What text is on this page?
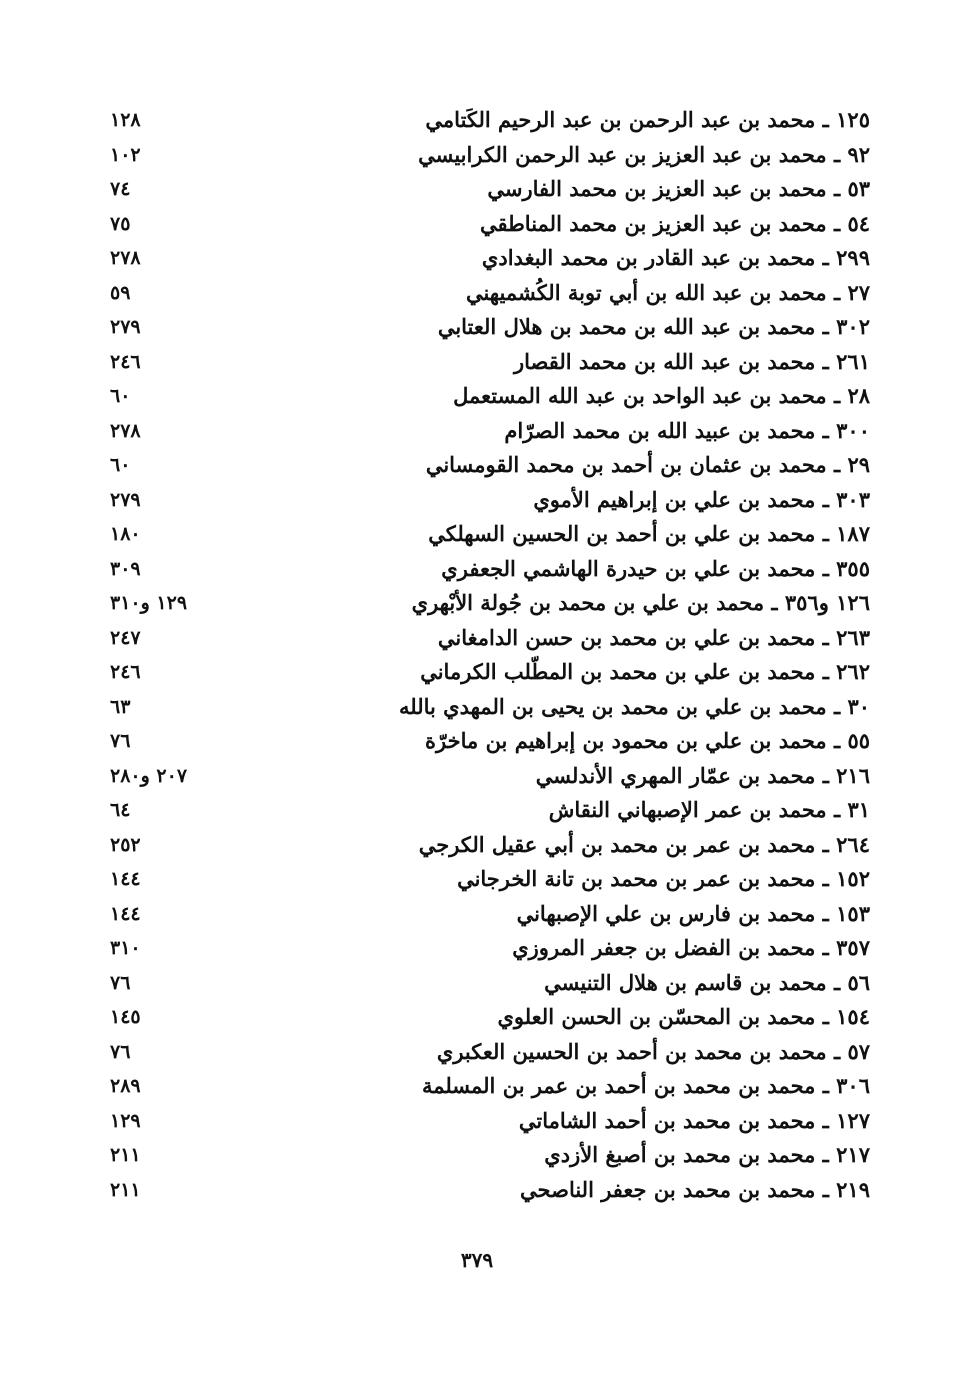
١٢٥ ـ محمد بن عبد الرحمن بن عبد الرحيم الكَتامي
١٢٨
٩٢ ـ محمد بن عبد العزيز بن عبد الرحمن الكرابيسي
١٠٢
٥٣ ـ محمد بن عبد العزيز بن محمد الفارسي
٧٤
٥٤ ـ محمد بن عبد العزيز بن محمد المناطقي
٧٥
٢٩٩ ـ محمد بن عبد القادر بن محمد البغدادي
٢٧٨
٢٧ ـ محمد بن عبد الله بن أبي توبة الكُشميهني
٥٩
٣٠٢ ـ محمد بن عبد الله بن محمد بن هلال العتابي
٢٧٩
٢٦١ ـ محمد بن عبد الله بن محمد القصار
٢٤٦
٢٨ ـ محمد بن عبد الواحد بن عبد الله المستعمل
٦٠
٣٠٠ ـ محمد بن عبيد الله بن محمد الصرّام
٢٧٨
٢٩ ـ محمد بن عثمان بن أحمد بن محمد القومساني
٦٠
٣٠٣ ـ محمد بن علي بن إبراهيم الأموي
٢٧٩
١٨٧ ـ محمد بن علي بن أحمد بن الحسين السهلكي
١٨٠
٣٥٥ ـ محمد بن علي بن حيدرة الهاشمي الجعفري
٣٠٩
١٢٦ و٣٥٦ ـ محمد بن علي بن محمد بن جُولة الأبْهري
١٢٩ و٣١٠
٢٦٣ ـ محمد بن علي بن محمد بن حسن الدامغاني
٢٤٧
٢٦٢ ـ محمد بن علي بن محمد بن المطّلب الكرماني
٢٤٦
٣٠ ـ محمد بن علي بن محمد بن يحيى بن المهدي بالله
٦٣
٥٥ ـ محمد بن علي بن محمود بن إبراهيم بن ماخرّة
٧٦
٢١٦ ـ محمد بن عمّار المهري الأندلسي
٢٠٧ و٢٨٠
٣١ ـ محمد بن عمر الإصبهاني النقاش
٦٤
٢٦٤ ـ محمد بن عمر بن محمد بن أبي عقيل الكرجي
٢٥٢
١٥٢ ـ محمد بن عمر بن محمد بن تانة الخرجاني
١٤٤
١٥٣ ـ محمد بن فارس بن علي الإصبهاني
١٤٤
٣٥٧ ـ محمد بن الفضل بن جعفر المروزي
٣١٠
٥٦ ـ محمد بن قاسم بن هلال التنيسي
٧٦
١٥٤ ـ محمد بن المحسّن بن الحسن العلوي
١٤٥
٥٧ ـ محمد بن محمد بن أحمد بن الحسين العكبري
٧٦
٣٠٦ ـ محمد بن محمد بن أحمد بن عمر بن المسلمة
٢٨٩
١٢٧ ـ محمد بن محمد بن أحمد الشاماتي
١٢٩
٢١٧ ـ محمد بن محمد بن أصبغ الأزدي
٢١١
٢١٩ ـ محمد بن محمد بن جعفر الناصحي
٢١١
٣٧٩
